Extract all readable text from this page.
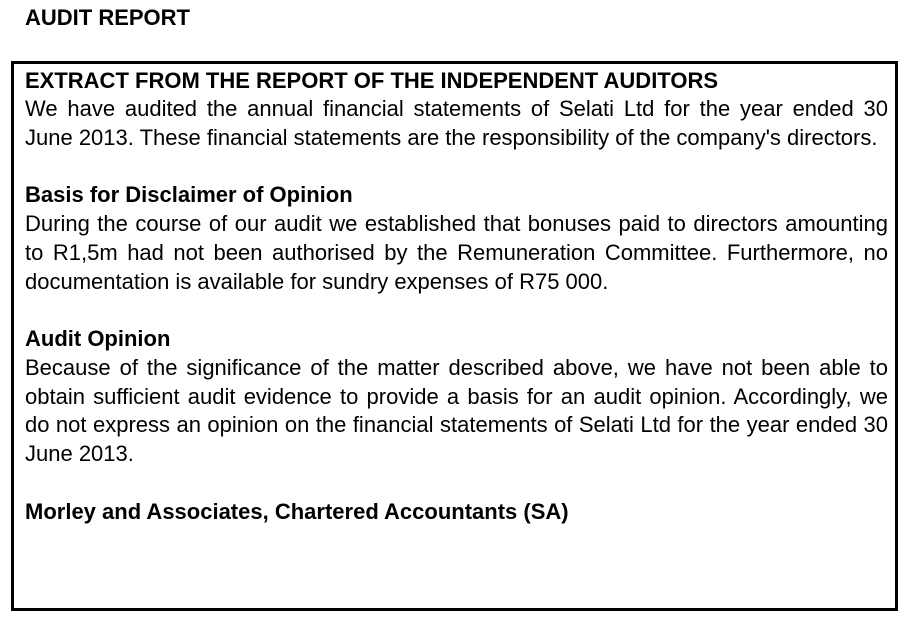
AUDIT REPORT
EXTRACT FROM THE REPORT OF THE INDEPENDENT AUDITORS

We have audited the annual financial statements of Selati Ltd for the year ended 30 June 2013. These financial statements are the responsibility of the company's directors.

Basis for Disclaimer of Opinion

During the course of our audit we established that bonuses paid to directors amounting to R1,5m had not been authorised by the Remuneration Committee. Furthermore, no documentation is available for sundry expenses of R75 000.

Audit Opinion

Because of the significance of the matter described above, we have not been able to obtain sufficient audit evidence to provide a basis for an audit opinion. Accordingly, we do not express an opinion on the financial statements of Selati Ltd for the year ended 30 June 2013.

Morley and Associates, Chartered Accountants (SA)
